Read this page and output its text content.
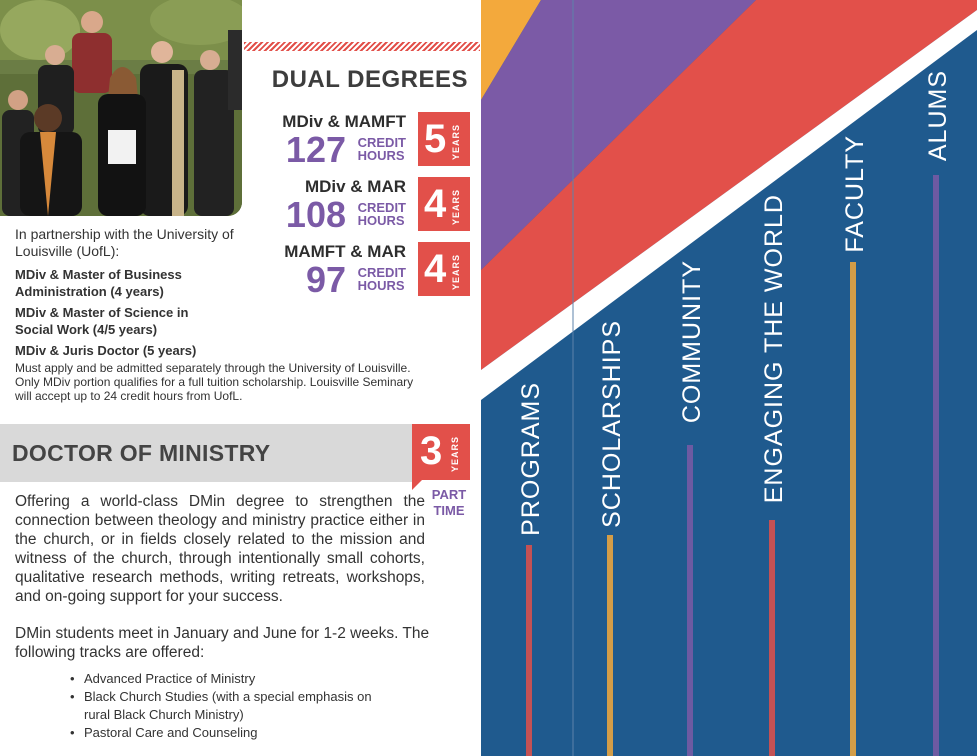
DUAL DEGREES
MDiv & MAMFT
127 CREDIT
HOURS 5 YEARS
MDiv & MAR
108 CREDIT
HOURS 4 YEARS
MAMFT & MAR
97 CREDIT
HOURS 4 YEARS

In partnership with the University of Louisville (UofL):

MDiv & Master of Business Administration (4 years)

MDiv & Master of Science in Social Work (4/5 years)

MDiv & Juris Doctor (5 years)

Must apply and be admitted separately through the University of Louisville. Only MDiv portion qualifies for a full tuition scholarship. Louisville Seminary will accept up to 24 credit hours from UofL.

DOCTOR OF MINISTRY	3 YEARS
PART TIME

Offering a world-class DMin degree to strengthen the connection between theology and ministry practice either in the church, or in fields closely related to the mission and witness of the church, through intentionally small cohorts, qualitative research methods, writing retreats, workshops, and on-going support for your success.

DMin students meet in January and June for 1-2 weeks. The following tracks are offered:

• Advanced Practice of Ministry
• Black Church Studies (with a special emphasis on rural Black Church Ministry)
• Pastoral Care and Counseling
PROGRAMS SCHOLARSHIPS COMMUNITY ENGAGING THE WORLD
FACULTY
ALUMS
